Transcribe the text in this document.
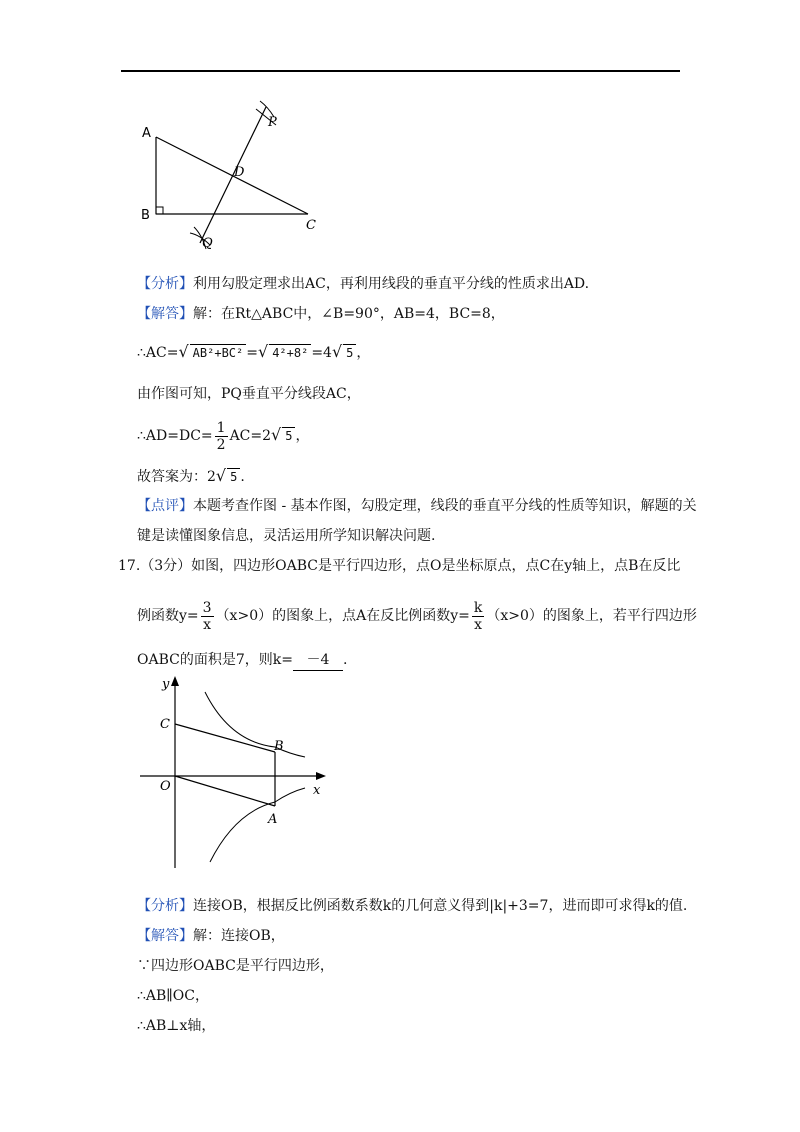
A
B
C
D
P
Q
【分析】利用勾股定理求出AC，再利用线段的垂直平分线的性质求出AD.
【解答】解：在Rt△ABC中，∠B=90°，AB=4，BC=8，
∴AC=√ AB²+BC² =√ 4²+8² =4√ 5 ，
由作图可知，PQ垂直平分线段AC，
∴AD=DC= $\frac{1}{2} AC=2√$ 5 ，
故答案为：2√ 5 .
【点评】本题考查作图 - 基本作图，勾股定理，线段的垂直平分线的性质等知识，解题的关
键是读懂图象信息，灵活运用所学知识解决问题.
17.（3分）如图，四边形OABC是平行四边形，点O是坐标原点，点C在y轴上，点B在反比
例函数$y= \frac{3}{x} (x>0)$的图象上，点A在反比例函数$y= \frac{k}{x} (x>0)$的图象上，若平行四边形
OABC的面积是7，则k= －4 .
y
x
O
C
B
A
【分析】连接OB，根据反比例函数系数k的几何意义得到|k|+3=7，进而即可求得k的值.
【解答】解：连接OB，
∵四边形OABC是平行四边形，
∴AB∥OC，
∴AB⊥x轴，
